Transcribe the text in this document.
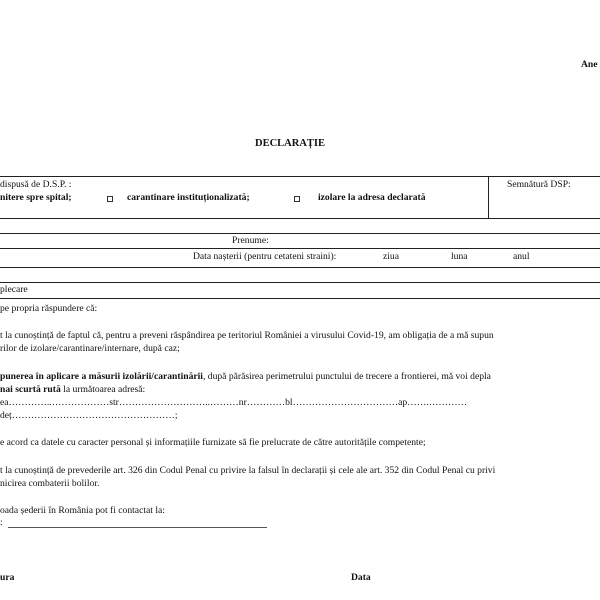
Ane
DECLARAȚIE
dispusă de D.S.P. :
nitere spre spital;	carantinare instituționalizată;	izolare la adresa declarată
Semnătură DSP:
Prenume:
Data nașterii (pentru cetateni straini):	ziua	luna	anul
plecare
pe propria răspundere că:
t la cunoștință de faptul că, pentru a preveni răspândirea pe teritoriul României a virusului Covid-19, am obligația de a mă supun
rilor de izolare/carantinare/internare, după caz;
punerea în aplicare a măsurii izolării/carantinării, după părăsirea perimetrului punctului de trecere a frontierei, mă voi depla
nai scurtă rută la următoarea adresă:
ea…………..………………str………………………..………nr…………bl……………………………ap…….…………
deț……………………………………………;
e acord ca datele cu caracter personal și informațiile furnizate să fie prelucrate de către autoritățile competente;
t la cunoștință de prevederile art. 326 din Codul Penal cu privire la falsul în declarații și cele ale art. 352 din Codul Penal cu privi
nicirea combaterii bolilor.
oada șederii în România pot fi contactat la:
:
ura	Data
